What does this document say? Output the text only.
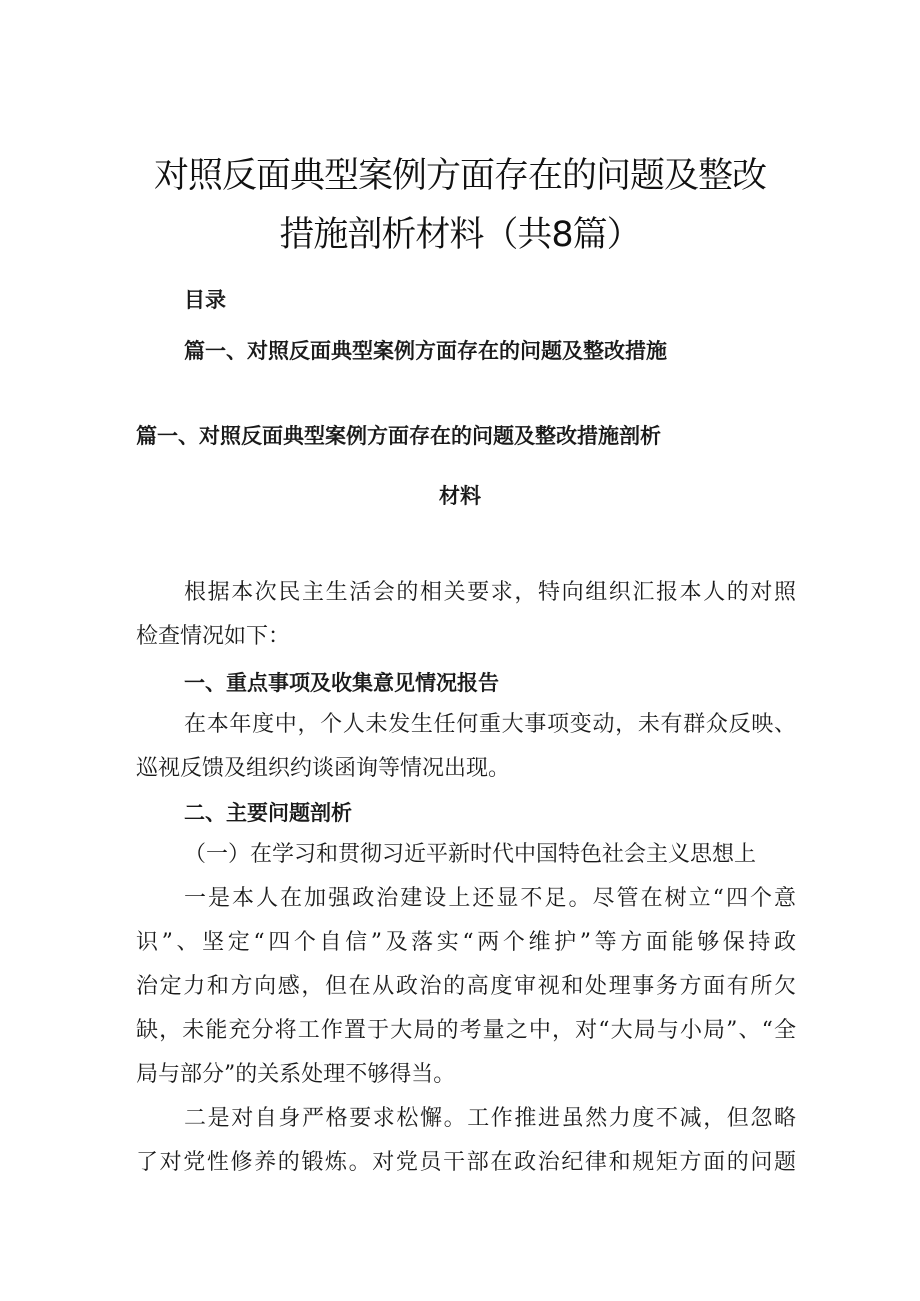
对照反面典型案例方面存在的问题及整改
措施剖析材料（共8篇）
目录
篇一、对照反面典型案例方面存在的问题及整改措施
篇一、对照反面典型案例方面存在的问题及整改措施剖析
材料
根据本次民主生活会的相关要求，特向组织汇报本人的对照
检查情况如下：
一、重点事项及收集意见情况报告
在本年度中，个人未发生任何重大事项变动，未有群众反映、
巡视反馈及组织约谈函询等情况出现。
二、主要问题剖析
（一）在学习和贯彻习近平新时代中国特色社会主义思想上
一是本人在加强政治建设上还显不足。尽管在树立“四个意
识”、坚定“四个自信”及落实“两个维护”等方面能够保持政
治定力和方向感，但在从政治的高度审视和处理事务方面有所欠
缺，未能充分将工作置于大局的考量之中，对“大局与小局”、“全
局与部分”的关系处理不够得当。
二是对自身严格要求松懈。工作推进虽然力度不减，但忽略
了对党性修养的锻炼。对党员干部在政治纪律和规矩方面的问题
